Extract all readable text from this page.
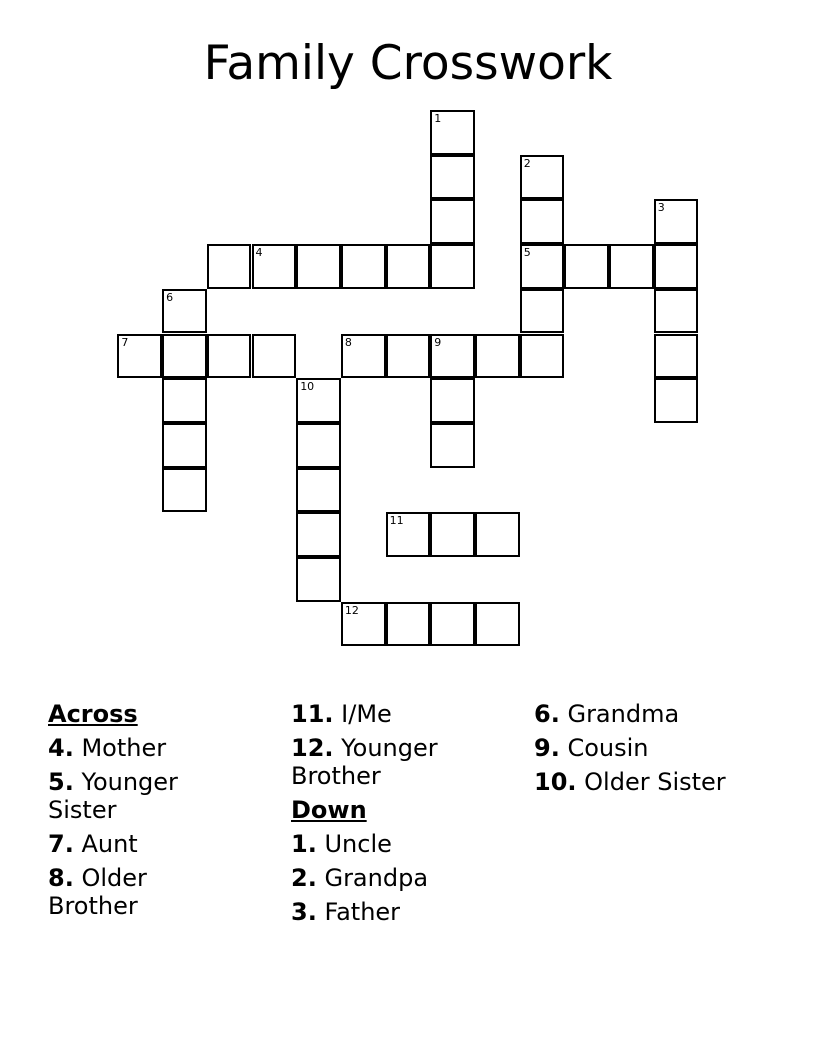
Family Crosswork
1
2
5
3
4
6
7	8	9
10
11
12
Across
4. Mother
5. Younger Sister
7. Aunt
8. Older Brother
11. I/Me
12. Younger Brother
Down
1. Uncle
2. Grandpa
3. Father
6. Grandma
9. Cousin
10. Older Sister
